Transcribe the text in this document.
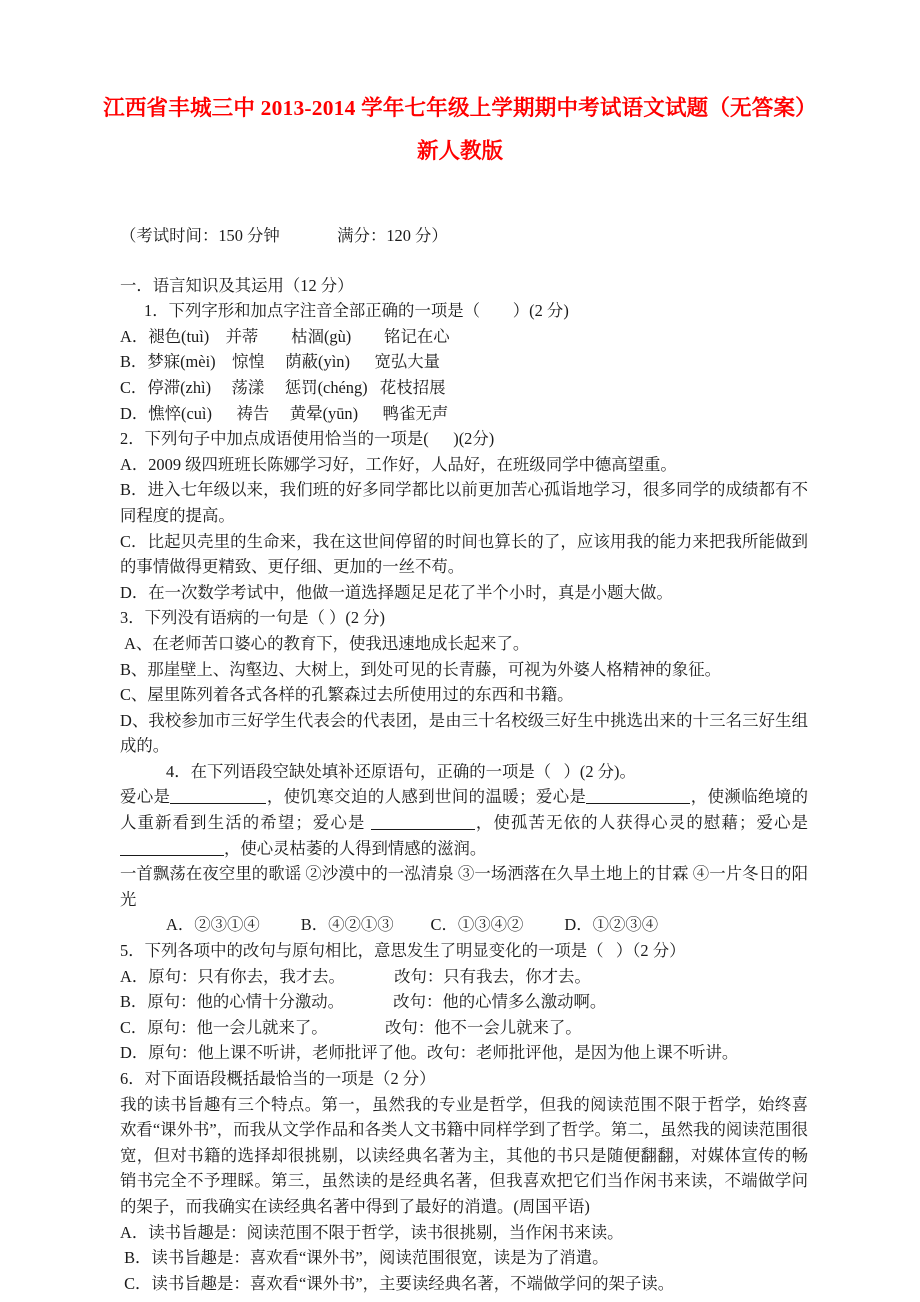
江西省丰城三中 2013-2014 学年七年级上学期期中考试语文试题（无答案）
新人教版
（考试时间：150 分钟              满分：120 分）
一．语言知识及其运用（12 分）
1．下列字形和加点字注音全部正确的一项是（        ）(2 分)
A．褪色(tuì)    并蒂        枯涸(gù)        铭记在心
B．梦寐(mèi)    惊惶     荫蔽(yìn)      宽弘大量
C．停滞(zhì)     荡漾     惩罚(chéng)   花枝招展
D．憔悴(cuì)      祷告     黄晕(yūn)      鸭雀无声
2．下列句子中加点成语使用恰当的一项是(      )(2分)
A．2009 级四班班长陈娜学习好，工作好，人品好，在班级同学中德高望重。
B．进入七年级以来，我们班的好多同学都比以前更加苦心孤诣地学习，很多同学的成绩都有不同程度的提高。
C．比起贝壳里的生命来，我在这世间停留的时间也算长的了，应该用我的能力来把我所能做到的事情做得更精致、更仔细、更加的一丝不苟。
D．在一次数学考试中，他做一道选择题足足花了半个小时，真是小题大做。
3．下列没有语病的一句是（ ）(2 分)
A、在老师苦口婆心的教育下，使我迅速地成长起来了。
B、那崖壁上、沟壑边、大树上，到处可见的长青藤，可视为外婆人格精神的象征。
C、屋里陈列着各式各样的孔繁森过去所使用过的东西和书籍。
D、我校参加市三好学生代表会的代表团，是由三十名校级三好生中挑选出来的十三名三好生组成的。
4．在下列语段空缺处填补还原语句，正确的一项是（   ）(2 分)。
爱心是	，使饥寒交迫的人感到世间的温暖；爱心是	，使濒临绝境的人重新看到生活的希望；爱心是	，使孤苦无依的人获得心灵的慰藉；爱心是，使心灵枯萎的人得到情感的滋润。
一首飘荡在夜空里的歌谣 ②沙漠中的一泓清泉 ③一场洒落在久旱土地上的甘霖 ④一片冬日的阳光
A．②③①④          B．④②①③         C．①③④②          D．①②③④
5．下列各项中的改句与原句相比，意思发生了明显变化的一项是（   ）（2 分）
A．原句：只有你去，我才去。            改句：只有我去，你才去。
B．原句：他的心情十分激动。            改句：他的心情多么激动啊。
C．原句：他一会儿就来了。              改句：他不一会儿就来了。
D．原句：他上课不听讲，老师批评了他。改句：老师批评他，是因为他上课不听讲。
6．对下面语段概括最恰当的一项是（2 分）
我的读书旨趣有三个特点。第一，虽然我的专业是哲学，但我的阅读范围不限于哲学，始终喜欢看“课外书”，而我从文学作品和各类人文书籍中同样学到了哲学。第二，虽然我的阅读范围很宽，但对书籍的选择却很挑剔，以读经典名著为主，其他的书只是随便翻翻，对媒体宣传的畅销书完全不予理睬。第三，虽然读的是经典名著，但我喜欢把它们当作闲书来读，不端做学问的架子，而我确实在读经典名著中得到了最好的消遣。(周国平语)
A．读书旨趣是：阅读范围不限于哲学，读书很挑剔，当作闲书来读。
B．读书旨趣是：喜欢看“课外书”，阅读范围很宽，读是为了消遣。
C．读书旨趣是：喜欢看“课外书”，主要读经典名著，不端做学问的架子读。
